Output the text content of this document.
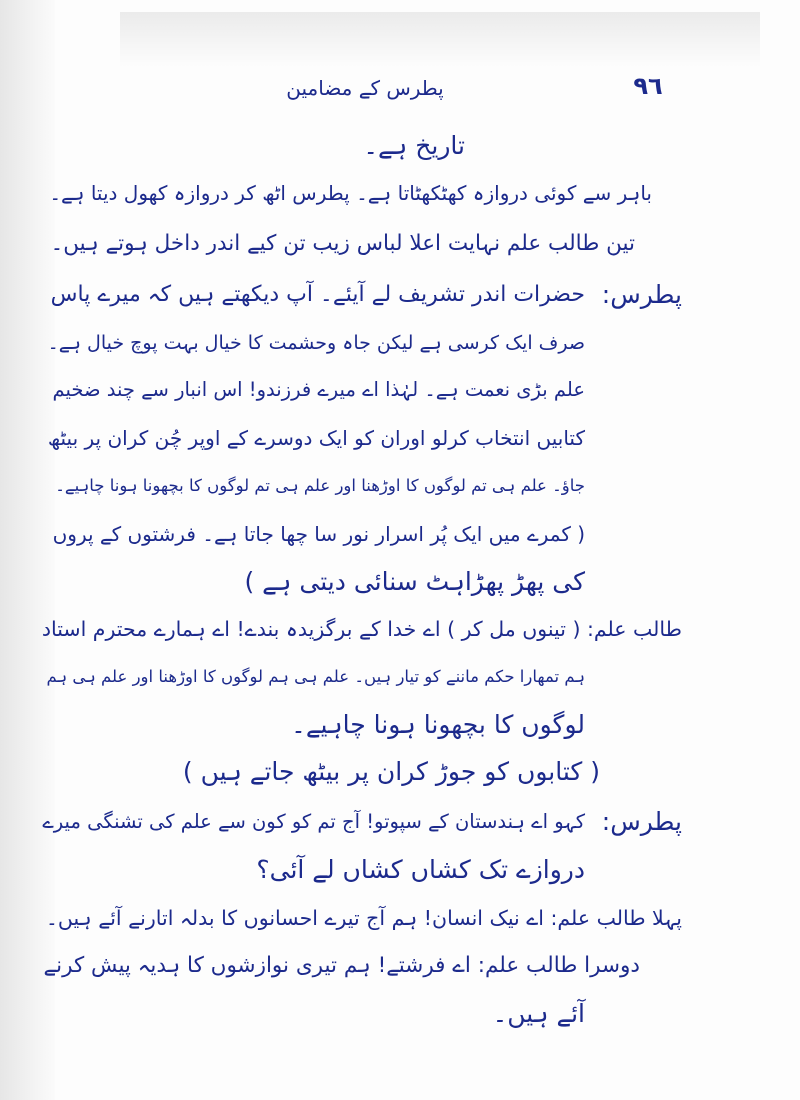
پطرس کے مضامین	۹٦

تاریخ ہے۔

باہر سے کوئی دروازہ کھٹکھٹاتا ہے۔ پطرس اٹھ کر دروازہ کھول دیتا ہے۔

تین طالب علم نہایت اعلا لباس زیب تن کیے اندر داخل ہوتے ہیں۔

پطرس:

حضرات اندر تشریف لے آیئے۔ آپ دیکھتے ہیں کہ میرے پاس

صرف ایک کرسی ہے لیکن جاہ وحشمت کا خیال بہت پوچ خیال ہے۔

علم بڑی نعمت ہے۔ لہٰذا اے میرے فرزندو! اس انبار سے چند ضخیم

کتابیں انتخاب کرلو اوران کو ایک دوسرے کے اوپر چُن کران پر بیٹھ

جاؤ۔ علم ہی تم لوگوں کا اوڑھنا اور علم ہی تم لوگوں کا بچھونا ہونا چاہیے۔

( کمرے میں ایک پُر اسرار نور سا چھا جاتا ہے۔ فرشتوں کے پروں

کی پھڑ پھڑاہٹ سنائی دیتی ہے )

طالب علم: ( تینوں مل کر ) اے خدا کے برگزیدہ بندے! اے ہمارے محترم استاد

ہم تمھارا حکم ماننے کو تیار ہیں۔ علم ہی ہم لوگوں کا اوڑھنا اور علم ہی ہم

لوگوں کا بچھونا ہونا چاہیے۔

( کتابوں کو جوڑ کران پر بیٹھ جاتے ہیں )

پطرس:

کہو اے ہندستان کے سپوتو! آج تم کو کون سے علم کی تشنگی میرے

دروازے تک کشاں کشاں لے آئی؟

پہلا طالب علم: اے نیک انسان! ہم آج تیرے احسانوں کا بدلہ اتارنے آئے ہیں۔

دوسرا طالب علم: اے فرشتے! ہم تیری نوازشوں کا ہدیہ پیش کرنے

آئے ہیں۔
